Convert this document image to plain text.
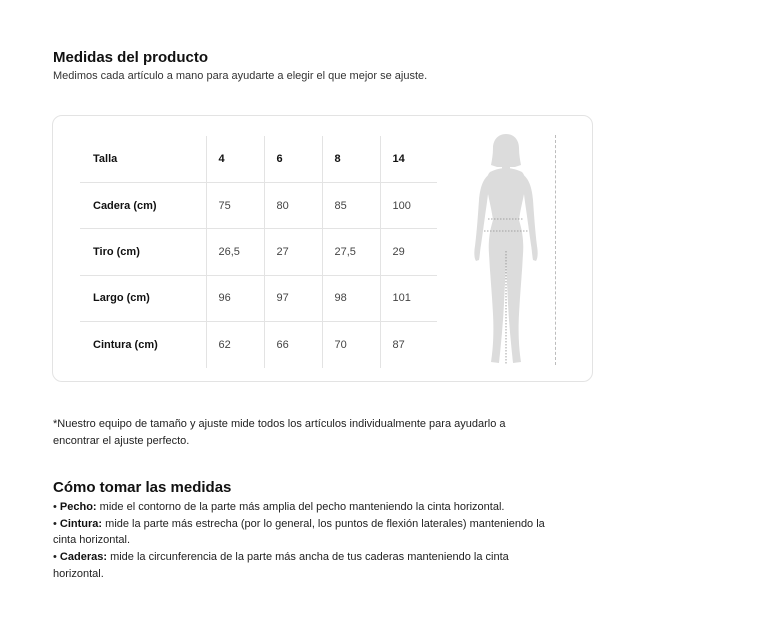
Medidas del producto

Medimos cada artículo a mano para ayudarte a elegir el que mejor se ajuste.

Talla	4	6	8	14
Cadera (cm)	75	80	85	100
Tiro (cm)	26,5	27	27,5	29
Largo (cm)	96	97	98	101
Cintura (cm)	62	66	70	87

*Nuestro equipo de tamaño y ajuste mide todos los artículos individualmente para ayudarlo a encontrar el ajuste perfecto.

Cómo tomar las medidas
• Pecho: mide el contorno de la parte más amplia del pecho manteniendo la cinta horizontal.
• Cintura: mide la parte más estrecha (por lo general, los puntos de flexión laterales) manteniendo la cinta horizontal.
• Caderas: mide la circunferencia de la parte más ancha de tus caderas manteniendo la cinta horizontal.
